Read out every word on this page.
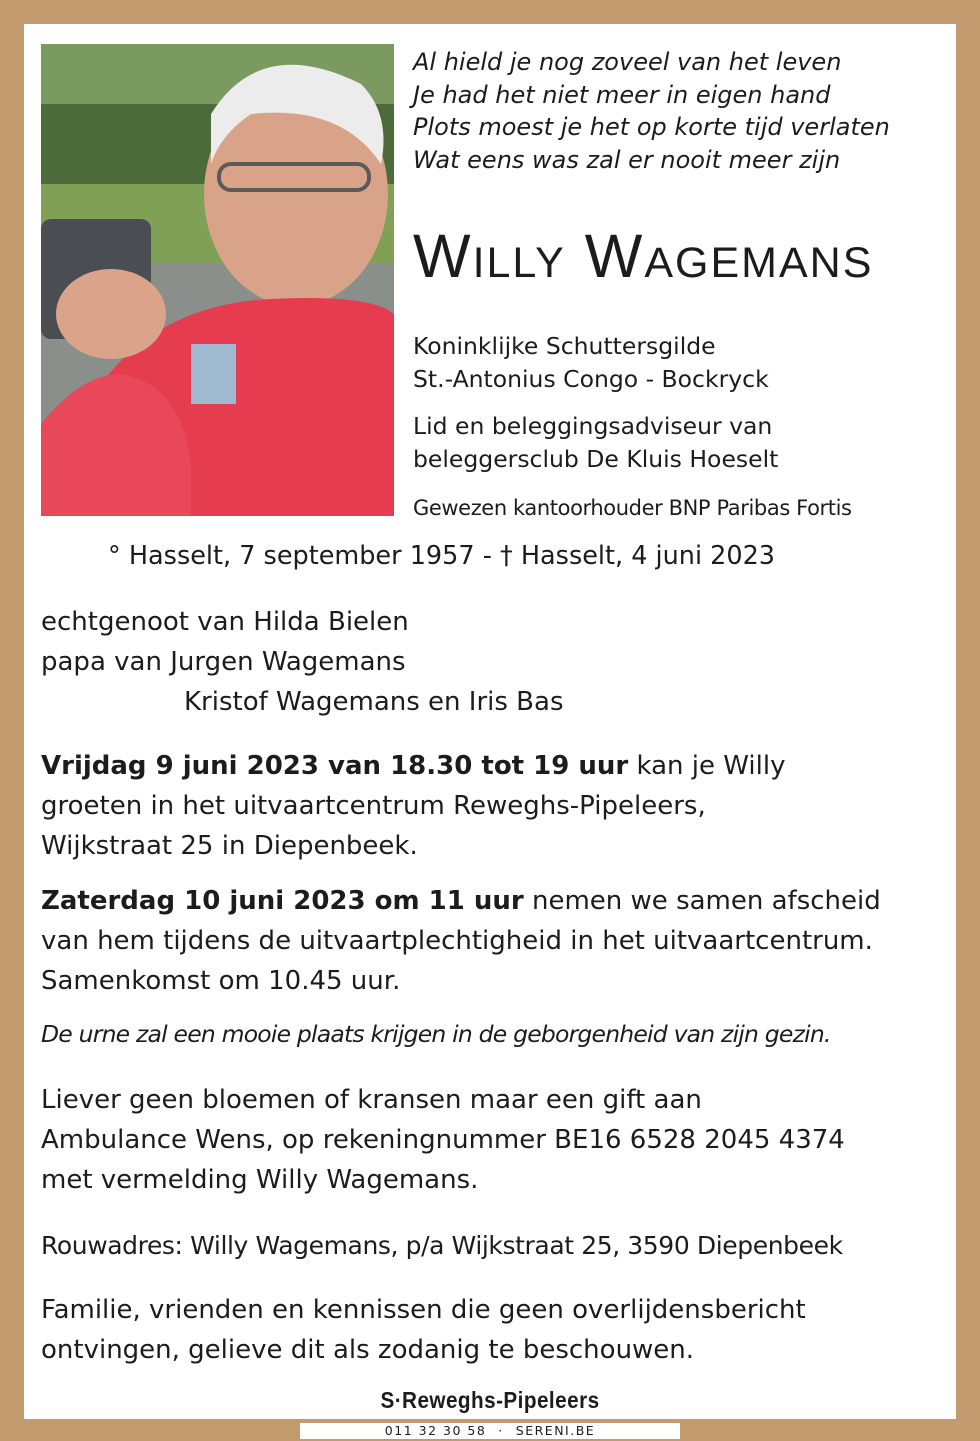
Al hield je nog zoveel van het leven
Je had het niet meer in eigen hand
Plots moest je het op korte tijd verlaten
Wat eens was zal er nooit meer zijn
Willy Wagemans
Koninklijke Schuttersgilde
St.-Antonius Congo - Bockryck
Lid en beleggingsadviseur van
beleggersclub De Kluis Hoeselt
Gewezen kantoorhouder BNP Paribas Fortis
° Hasselt, 7 september 1957 - † Hasselt, 4 juni 2023
echtgenoot van Hilda Bielen
papa van Jurgen Wagemans
Kristof Wagemans en Iris Bas
Vrijdag 9 juni 2023 van 18.30 tot 19 uur kan je Willy
groeten in het uitvaartcentrum Reweghs-Pipeleers,
Wijkstraat 25 in Diepenbeek.
Zaterdag 10 juni 2023 om 11 uur nemen we samen afscheid
van hem tijdens de uitvaartplechtigheid in het uitvaartcentrum.
Samenkomst om 10.45 uur.
De urne zal een mooie plaats krijgen in de geborgenheid van zijn gezin.
Liever geen bloemen of kransen maar een gift aan
Ambulance Wens, op rekeningnummer BE16 6528 2045 4374
met vermelding Willy Wagemans.
Rouwadres: Willy Wagemans, p/a Wijkstraat 25, 3590 Diepenbeek
Familie, vrienden en kennissen die geen overlijdensbericht
ontvingen, gelieve dit als zodanig te beschouwen.
S·Reweghs-Pipeleers
011 32 30 58 · SERENI.BE
